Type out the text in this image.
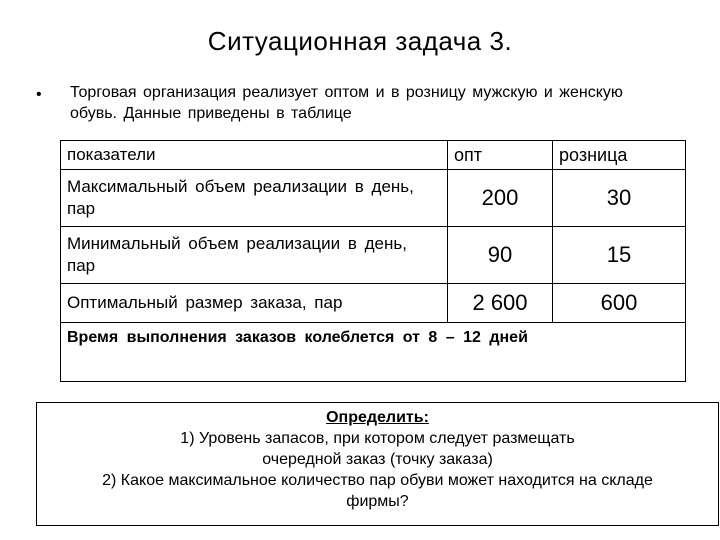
Ситуационная задача 3.
• Торговая организация реализует оптом и в розницу мужскую и женскую обувь. Данные приведены в таблице
показатели	опт	розница
Максимальный объем реализации в день, пар	200	30
Минимальный объем реализации в день, пар	90	15
Оптимальный размер заказа, пар	2 600	600
Время выполнения заказов колеблется от 8 – 12 дней		
Определить:
1) Уровень запасов, при котором следует размещать
очередной заказ (точку заказа)
2) Какое максимальное количество пар обуви может находится на складе
фирмы?
